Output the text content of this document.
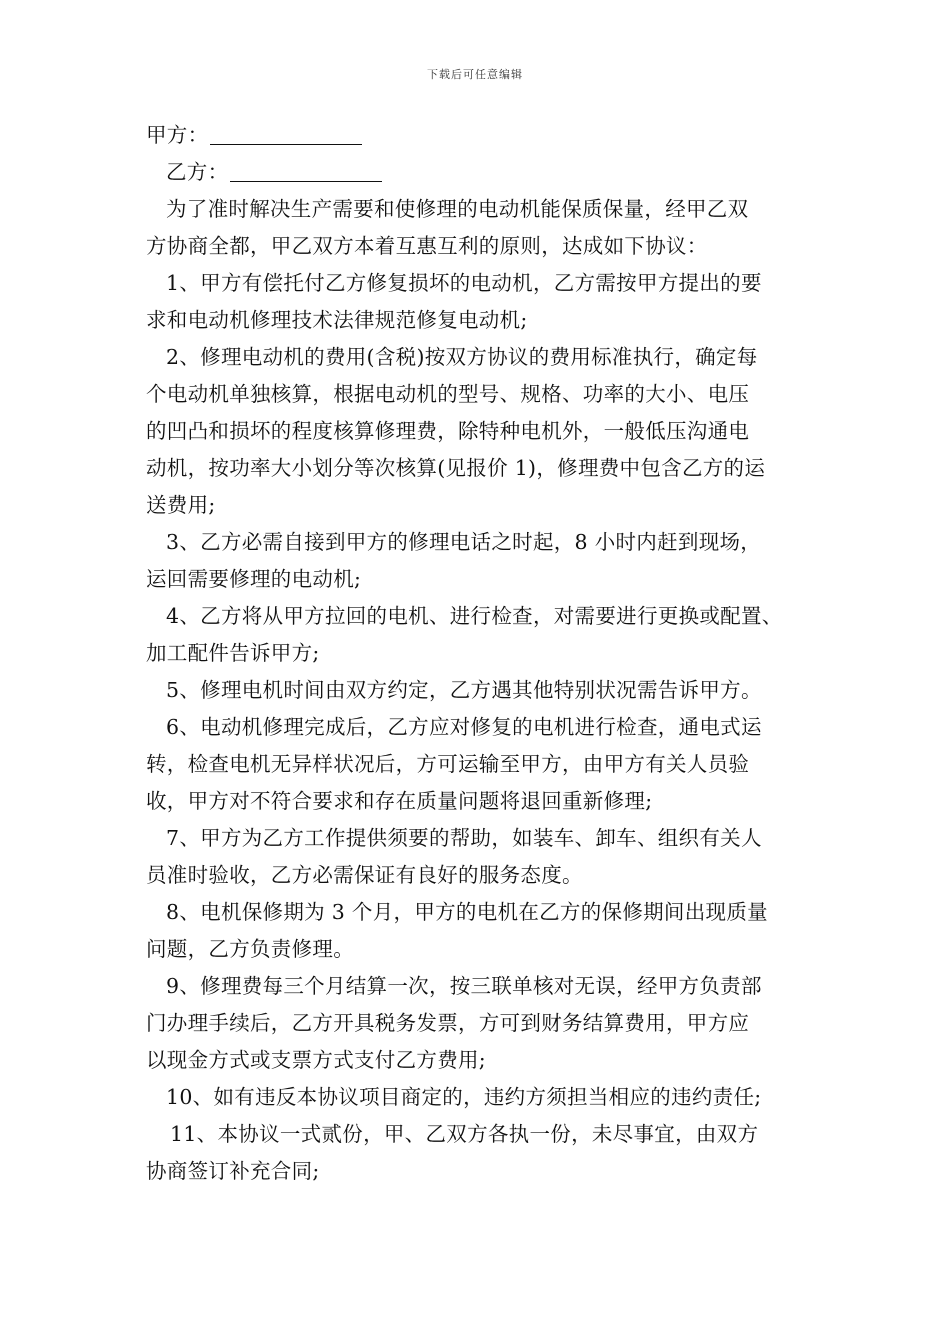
下载后可任意编辑
甲方：
乙方：
为了准时解决生产需要和使修理的电动机能保质保量，经甲乙双
方协商全都，甲乙双方本着互惠互利的原则，达成如下协议：
1、甲方有偿托付乙方修复损坏的电动机，乙方需按甲方提出的要
求和电动机修理技术法律规范修复电动机;
2、修理电动机的费用(含税)按双方协议的费用标准执行，确定每
个电动机单独核算，根据电动机的型号、规格、功率的大小、电压
的凹凸和损坏的程度核算修理费，除特种电机外，一般低压沟通电
动机，按功率大小划分等次核算(见报价 1)，修理费中包含乙方的运
送费用;
3、乙方必需自接到甲方的修理电话之时起，8 小时内赶到现场，
运回需要修理的电动机;
4、乙方将从甲方拉回的电机、进行检查，对需要进行更换或配置、
加工配件告诉甲方;
5、修理电机时间由双方约定，乙方遇其他特别状况需告诉甲方。
6、电动机修理完成后，乙方应对修复的电机进行检查，通电式运
转，检查电机无异样状况后，方可运输至甲方，由甲方有关人员验
收，甲方对不符合要求和存在质量问题将退回重新修理;
7、甲方为乙方工作提供须要的帮助，如装车、卸车、组织有关人
员准时验收，乙方必需保证有良好的服务态度。
8、电机保修期为 3 个月，甲方的电机在乙方的保修期间出现质量
问题，乙方负责修理。
9、修理费每三个月结算一次，按三联单核对无误，经甲方负责部
门办理手续后，乙方开具税务发票，方可到财务结算费用，甲方应
以现金方式或支票方式支付乙方费用;
10、如有违反本协议项目商定的，违约方须担当相应的违约责任;
11、本协议一式贰份，甲、乙双方各执一份，未尽事宜，由双方
协商签订补充合同;
